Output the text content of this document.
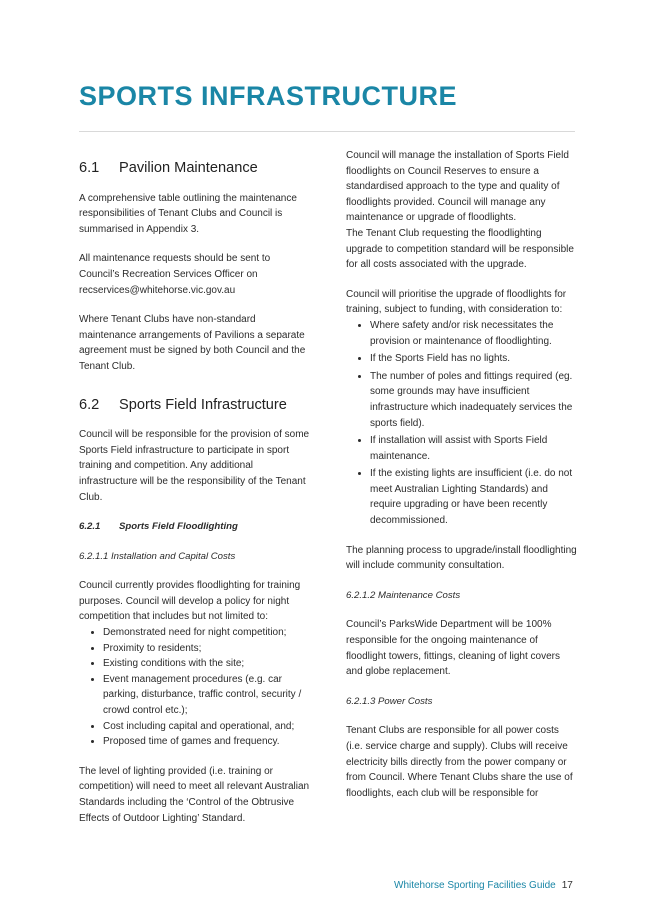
SPORTS INFRASTRUCTURE
6.1	Pavilion Maintenance

A comprehensive table outlining the maintenance responsibilities of Tenant Clubs and Council is summarised in Appendix 3.

All maintenance requests should be sent to Council’s Recreation Services Officer on recservices@whitehorse.vic.gov.au

Where Tenant Clubs have non-standard maintenance arrangements of Pavilions a separate agreement must be signed by both Council and the Tenant Club.

6.2	Sports Field Infrastructure

Council will be responsible for the provision of some Sports Field infrastructure to participate in sport training and competition. Any additional infrastructure will be the responsibility of the Tenant Club.

6.2.1	Sports Field Floodlighting

6.2.1.1 Installation and Capital Costs

Council currently provides floodlighting for training purposes. Council will develop a policy for night competition that includes but not limited to:

• Demonstrated need for night competition;
• Proximity to residents;
• Existing conditions with the site;
• Event management procedures (e.g. car parking, disturbance, traffic control, security / crowd control etc.);
• Cost including capital and operational, and;
• Proposed time of games and frequency.

The level of lighting provided (i.e. training or competition) will need to meet all relevant Australian Standards including the ‘Control of the Obtrusive Effects of Outdoor Lighting’ Standard.

Council will manage the installation of Sports Field floodlights on Council Reserves to ensure a standardised approach to the type and quality of floodlights provided. Council will manage any maintenance or upgrade of floodlights.

The Tenant Club requesting the floodlighting upgrade to competition standard will be responsible for all costs associated with the upgrade.

Council will prioritise the upgrade of floodlights for training, subject to funding, with consideration to:

• Where safety and/or risk necessitates the provision or maintenance of floodlighting.
• If the Sports Field has no lights.
• The number of poles and fittings required (eg. some grounds may have insufficient infrastructure which inadequately services the sports field).
• If installation will assist with Sports Field maintenance.
• If the existing lights are insufficient (i.e. do not meet Australian Lighting Standards) and require upgrading or have been recently decommissioned.

The planning process to upgrade/install floodlighting will include community consultation.

6.2.1.2 Maintenance Costs

Council’s ParksWide Department will be 100% responsible for the ongoing maintenance of floodlight towers, fittings, cleaning of light covers and globe replacement.

6.2.1.3 Power Costs

Tenant Clubs are responsible for all power costs (i.e. service charge and supply). Clubs will receive electricity bills directly from the power company or from Council. Where Tenant Clubs share the use of floodlights, each club will be responsible for

Whitehorse Sporting Facilities Guide 17
